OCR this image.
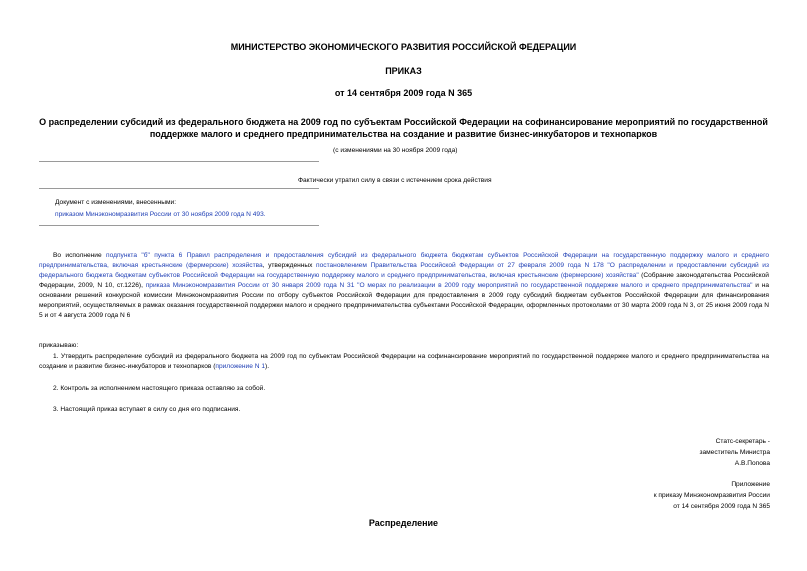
МИНИСТЕРСТВО ЭКОНОМИЧЕСКОГО РАЗВИТИЯ РОССИЙСКОЙ ФЕДЕРАЦИИ
ПРИКАЗ
от 14 сентября 2009 года N 365
О распределении субсидий из федерального бюджета на 2009 год по субъектам Российской Федерации на софинансирование мероприятий по государственной
поддержке малого и среднего предпринимательства на создание и развитие бизнес-инкубаторов и технопарков
(с изменениями на 30 ноября 2009 года)
Фактически утратил силу в связи с истечением срока действия
Документ с изменениями, внесенными:
приказом Минэкономразвития России от 30 ноября 2009 года N 493.
Во исполнение подпункта "б" пункта 6 Правил распределения и предоставления субсидий из федерального бюджета бюджетам субъектов Российской Федерации на государственную поддержку малого и среднего предпринимательства, включая крестьянские (фермерские) хозяйства, утвержденных постановлением Правительства Российской Федерации от 27 февраля 2009 года N 178 "О распределении и предоставлении субсидий из федерального бюджета бюджетам субъектов Российской Федерации на государственную поддержку малого и среднего предпринимательства, включая крестьянские (фермерские) хозяйства" (Собрание законодательства Российской Федерации, 2009, N 10, ст.1226), приказа Минэкономразвития России от 30 января 2009 года N 31 "О мерах по реализации в 2009 году мероприятий по государственной поддержке малого и среднего предпринимательства" и на основании решений конкурсной комиссии Минэкономразвития России по отбору субъектов Российской Федерации для предоставления в 2009 году субсидий бюджетам субъектов Российской Федерации для финансирования мероприятий, осуществляемых в рамках оказания государственной поддержки малого и среднего предпринимательства субъектами Российской Федерации, оформленных протоколами от 30 марта 2009 года N 3, от 25 июня 2009 года N 5 и от 4 августа 2009 года N 6
приказываю:
1. Утвердить распределение субсидий из федерального бюджета на 2009 год по субъектам Российской Федерации на софинансирование мероприятий по государственной поддержке малого и среднего предпринимательства на создание и развитие бизнес-инкубаторов и технопарков (приложение N 1).
2. Контроль за исполнением настоящего приказа оставляю за собой.
3. Настоящий приказ вступает в силу со дня его подписания.
Статс-секретарь -
заместитель Министра
А.В.Попова
Приложение
к приказу Минэкономразвития России
от 14 сентября 2009 года N 365
Распределение
